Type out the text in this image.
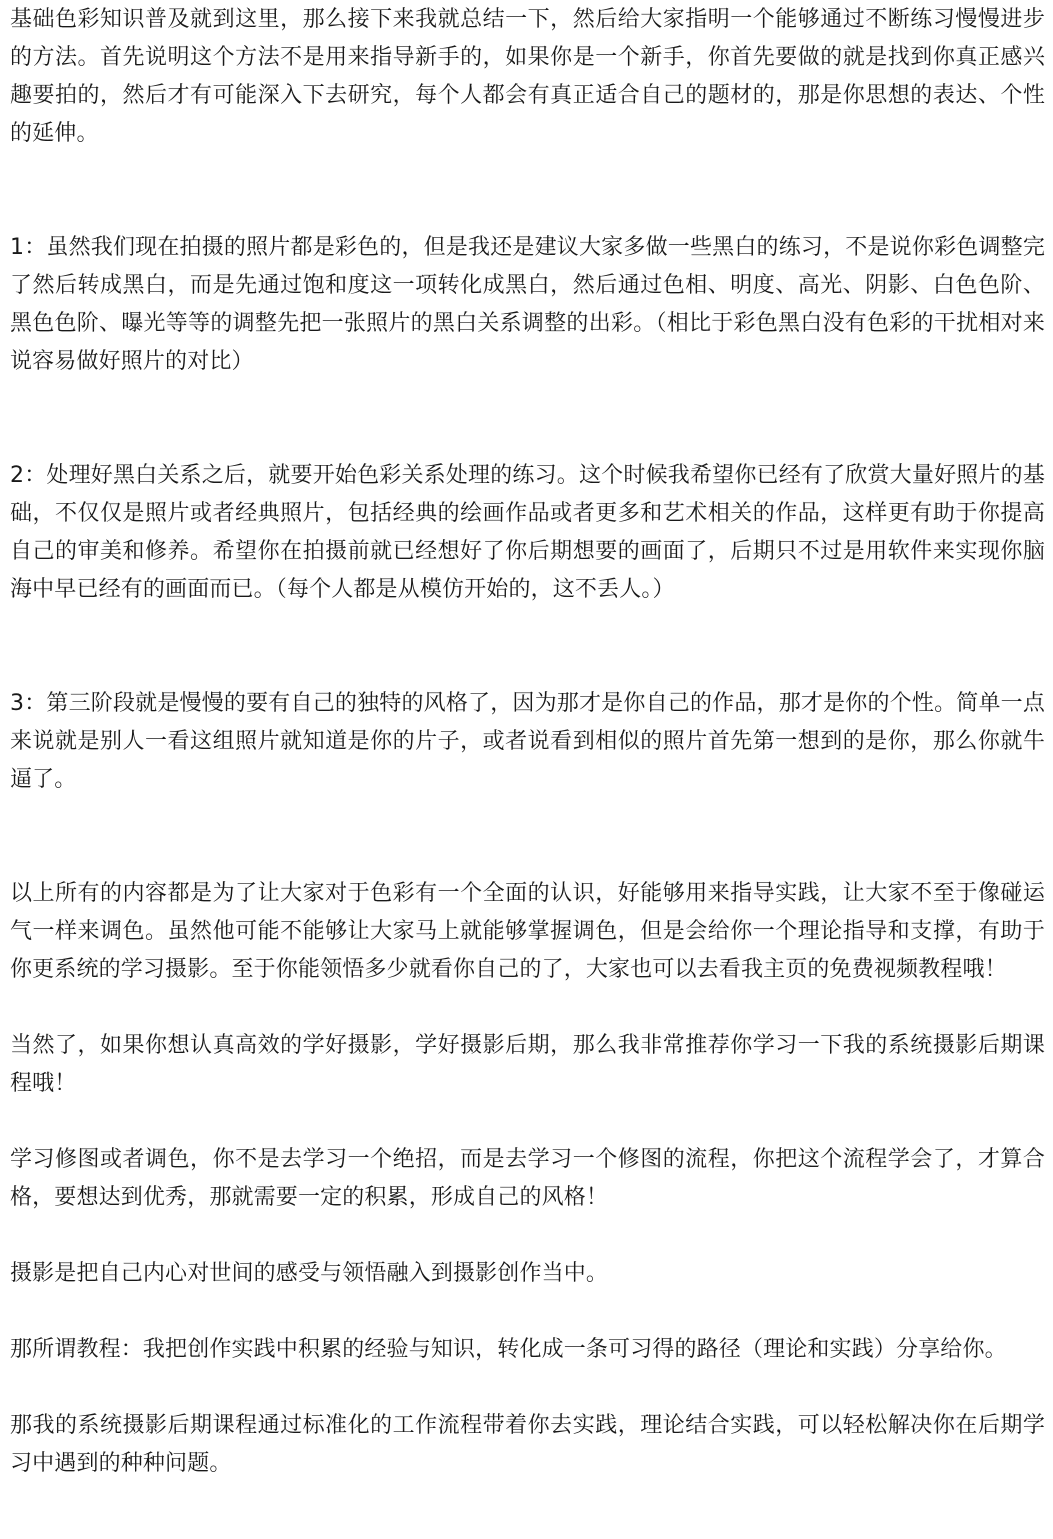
基础色彩知识普及就到这里，那么接下来我就总结一下，然后给大家指明一个能够通过不断练习慢慢进步的方法。首先说明这个方法不是用来指导新手的，如果你是一个新手，你首先要做的就是找到你真正感兴趣要拍的，然后才有可能深入下去研究，每个人都会有真正适合自己的题材的，那是你思想的表达、个性的延伸。

1：虽然我们现在拍摄的照片都是彩色的，但是我还是建议大家多做一些黑白的练习，不是说你彩色调整完了然后转成黑白，而是先通过饱和度这一项转化成黑白，然后通过色相、明度、高光、阴影、白色色阶、黑色色阶、曝光等等的调整先把一张照片的黑白关系调整的出彩。（相比于彩色黑白没有色彩的干扰相对来说容易做好照片的对比）

2：处理好黑白关系之后，就要开始色彩关系处理的练习。这个时候我希望你已经有了欣赏大量好照片的基础，不仅仅是照片或者经典照片，包括经典的绘画作品或者更多和艺术相关的作品，这样更有助于你提高自己的审美和修养。希望你在拍摄前就已经想好了你后期想要的画面了，后期只不过是用软件来实现你脑海中早已经有的画面而已。（每个人都是从模仿开始的，这不丢人。）

3：第三阶段就是慢慢的要有自己的独特的风格了，因为那才是你自己的作品，那才是你的个性。简单一点来说就是别人一看这组照片就知道是你的片子，或者说看到相似的照片首先第一想到的是你，那么你就牛逼了。

以上所有的内容都是为了让大家对于色彩有一个全面的认识，好能够用来指导实践，让大家不至于像碰运气一样来调色。虽然他可能不能够让大家马上就能够掌握调色，但是会给你一个理论指导和支撑，有助于你更系统的学习摄影。至于你能领悟多少就看你自己的了，大家也可以去看我主页的免费视频教程哦！

当然了，如果你想认真高效的学好摄影，学好摄影后期，那么我非常推荐你学习一下我的系统摄影后期课程哦！

学习修图或者调色，你不是去学习一个绝招，而是去学习一个修图的流程，你把这个流程学会了，才算合格，要想达到优秀，那就需要一定的积累，形成自己的风格！

摄影是把自己内心对世间的感受与领悟融入到摄影创作当中。

那所谓教程：我把创作实践中积累的经验与知识，转化成一条可习得的路径（理论和实践）分享给你。

那我的系统摄影后期课程通过标准化的工作流程带着你去实践，理论结合实践，可以轻松解决你在后期学习中遇到的种种问题。
